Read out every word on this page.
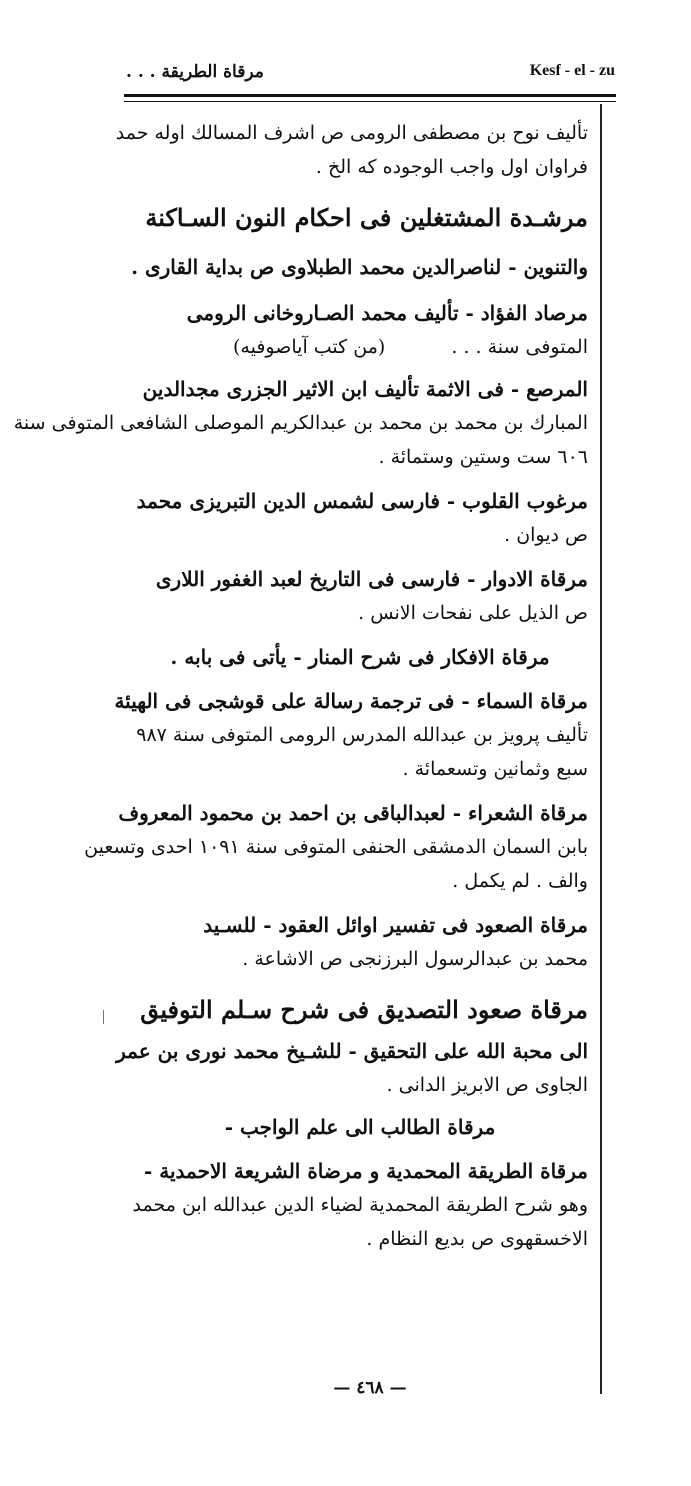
مرقاة الطريقة . . .	Kesf - el - zu

تأليف نوح بن مصطفى الرومى ص اشرف المسالك اوله حمد
فراوان اول واجب الوجوده كه الخ .

مرشـدة المشتغلين فى احكام النون السـاكنة
والتنوين - لناصرالدين محمد الطبلاوى ص بداية القارى .

مرصاد الفؤاد - تأليف محمد الصـاروخانى الرومى
المتوفى سنة . . . (من كتب آياصوفيه)

المرصع - فى الاثمة تأليف ابن الاثير الجزرى مجدالدين
المبارك بن محمد بن محمد بن عبدالكريم الموصلى الشافعى المتوفى سنة
٦٠٦ ست وستين وستمائة .

مرغوب القلوب - فارسى لشمس الدين التبريزى محمد
ص ديوان .

مرقاة الادوار - فارسى فى التاريخ لعبد الغفور اللارى
ص الذيل على نفحات الانس .

مرقاة الافكار فى شرح المنار - يأتى فى بابه .

مرقاة السماء - فى ترجمة رسالة على قوشجى فى الهيئة
تأليف پرويز بن عبدالله المدرس الرومى المتوفى سنة ٩٨٧
سبع وثمانين وتسعمائة .

مرقاة الشعراء - لعبدالباقى بن احمد بن محمود المعروف
بابن السمان الدمشقى الحنفى المتوفى سنة ١٠٩١ احدى وتسعين
والف . لم يكمل .

مرقاة الصعود فى تفسير اوائل العقود - للسـيد
محمد بن عبدالرسول البرزنجى ص الاشاعة .

مرقاة صعود التصديق فى شرح سـلم التوفيق
الى محبة الله على التحقيق - للشـيخ محمد نورى بن عمر
الجاوى ص الابريز الدانى .

مرقاة الطالب الى علم الواجب -

مرقاة الطريقة المحمدية و مرضاة الشريعة الاحمدية -
وهو شرح الطريقة المحمدية لضياء الدين عبدالله ابن محمد
الاخسقهوى ص بديع النظام .

— ٤٦٨ —
